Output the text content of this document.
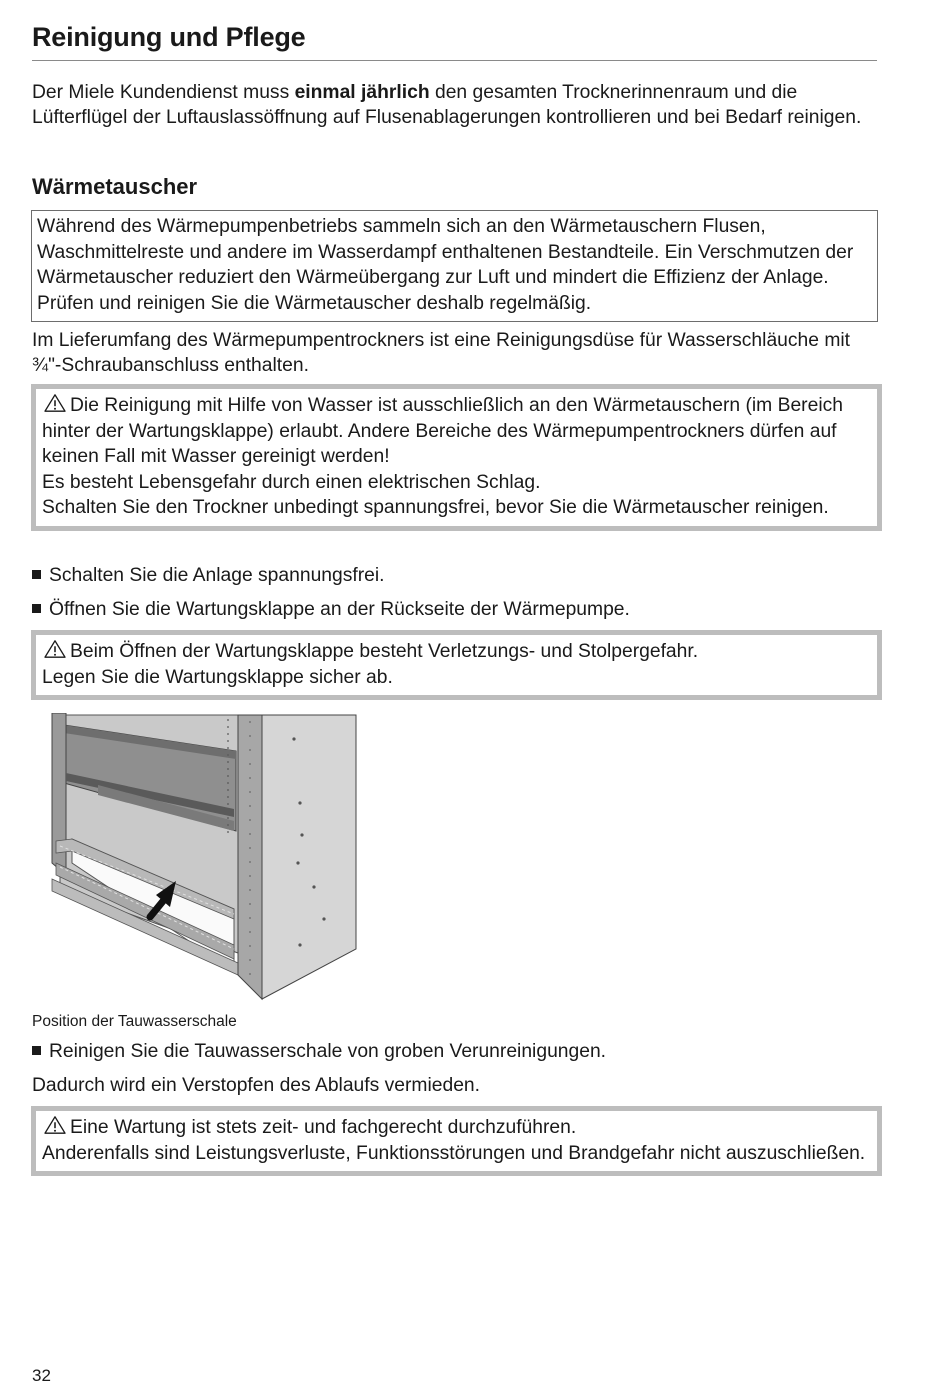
Reinigung und Pflege

Der Miele Kundendienst muss einmal jährlich den gesamten Trocknerinnenraum und die Lüfterflügel der Luftauslassöffnung auf Flusenablagerungen kontrollieren und bei Bedarf reinigen.

Wärmetauscher
Während des Wärmepumpenbetriebs sammeln sich an den Wärmetauschern Flusen, Waschmittelreste und andere im Wasserdampf enthaltenen Bestandteile. Ein Verschmutzen der Wärmetauscher reduziert den Wärmeübergang zur Luft und mindert die Effizienz der Anlage. Prüfen und reinigen Sie die Wärmetauscher deshalb regelmäßig.

Im Lieferumfang des Wärmepumpentrockners ist eine Reinigungsdüse für Wasserschläuche mit ¾"-Schraubanschluss enthalten.

Die Reinigung mit Hilfe von Wasser ist ausschließlich an den Wärmetauschern (im Bereich hinter der Wartungsklappe) erlaubt. Andere Bereiche des Wärmepumpentrockners dürfen auf keinen Fall mit Wasser gereinigt werden!

Es besteht Lebensgefahr durch einen elektrischen Schlag.

Schalten Sie den Trockner unbedingt spannungsfrei, bevor Sie die Wärmetauscher reinigen.

Schalten Sie die Anlage spannungsfrei.

Öffnen Sie die Wartungsklappe an der Rückseite der Wärmepumpe.

Beim Öffnen der Wartungsklappe besteht Verletzungs- und Stolpergefahr.

Legen Sie die Wartungsklappe sicher ab.

Position der Tauwasserschale

Reinigen Sie die Tauwasserschale von groben Verunreinigungen.

Dadurch wird ein Verstopfen des Ablaufs vermieden.

Eine Wartung ist stets zeit- und fachgerecht durchzuführen.

Anderenfalls sind Leistungsverluste, Funktionsstörungen und Brandgefahr nicht auszuschließen.

32
